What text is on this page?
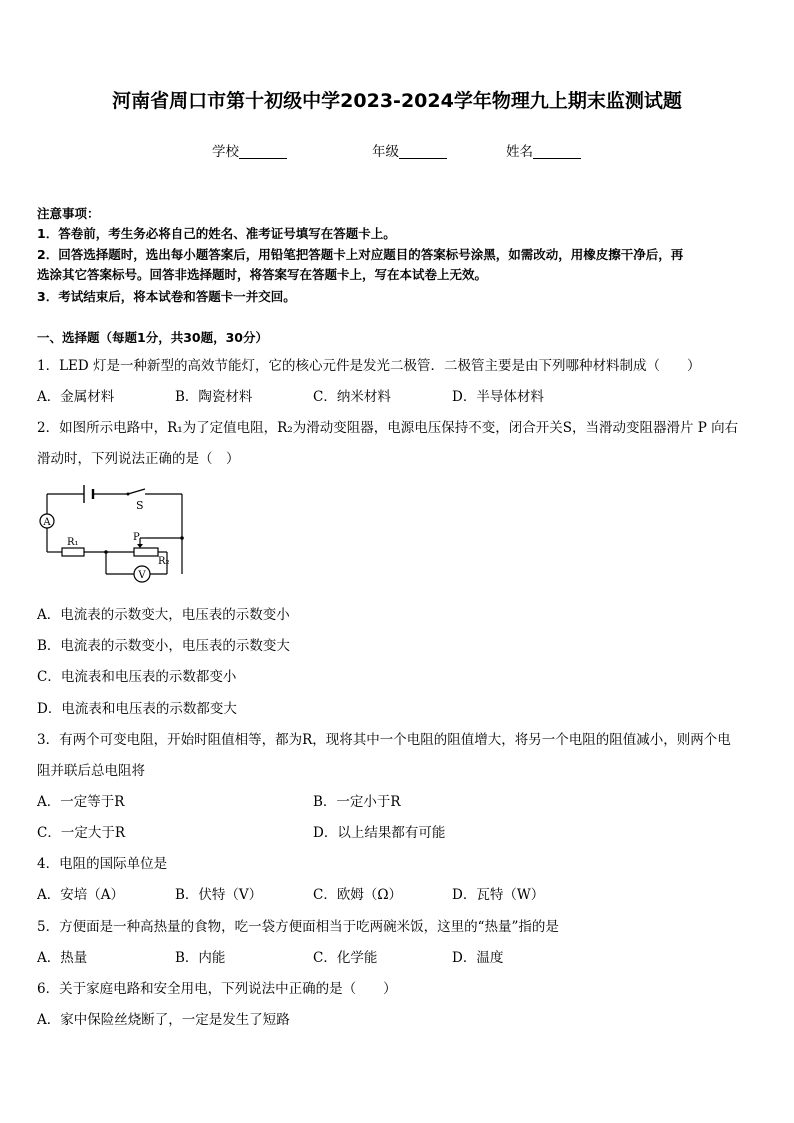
河南省周口市第十初级中学2023-2024学年物理九上期末监测试题
学校	年级	姓名
注意事项：
1．答卷前，考生务必将自己的姓名、准考证号填写在答题卡上。
2．回答选择题时，选出每小题答案后，用铅笔把答题卡上对应题目的答案标号涂黑，如需改动，用橡皮擦干净后，再
选涂其它答案标号。回答非选择题时，将答案写在答题卡上，写在本试卷上无效。
3．考试结束后，将本试卷和答题卡一并交回。
一、选择题（每题1分，共30题，30分）
1．LED 灯是一种新型的高效节能灯，它的核心元件是发光二极管．二极管主要是由下列哪种材料制成（　　）
A．金属材料	B．陶瓷材料	C．纳米材料	D．半导体材料
2．如图所示电路中，R₁为了定值电阻，R₂为滑动变阻器，电源电压保持不变，闭合开关S，当滑动变阻器滑片 P 向右
滑动时，下列说法正确的是（　）
S
A
V
R₁
R₂
P
A．电流表的示数变大，电压表的示数变小
B．电流表的示数变小，电压表的示数变大
C．电流表和电压表的示数都变小
D．电流表和电压表的示数都变大
3．有两个可变电阻，开始时阻值相等，都为R，现将其中一个电阻的阻值增大，将另一个电阻的阻值减小，则两个电
阻并联后总电阻将
A．一定等于R	B．一定小于R
C．一定大于R	D．以上结果都有可能
4．电阻的国际单位是
A．安培（A）	B．伏特（V）	C．欧姆（Ω）	D．瓦特（W）
5．方便面是一种高热量的食物，吃一袋方便面相当于吃两碗米饭，这里的“热量”指的是
A．热量	B．内能	C．化学能	D．温度
6．关于家庭电路和安全用电，下列说法中正确的是（　　）
A．家中保险丝烧断了，一定是发生了短路
